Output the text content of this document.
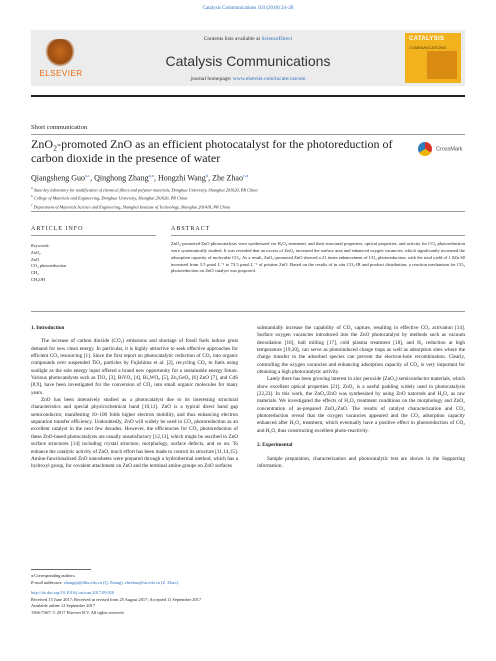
Catalysis Communications 103 (2018) 24–28
ELSEVIER
Contents lists available at ScienceDirect
Catalysis Communications
journal homepage: www.elsevier.com/locate/catcom
CATALYSIS
COMMUNICATIONS
Short communication
ZnO₂-promoted ZnO as an efficient photocatalyst for the photoreduction of carbon dioxide in the presence of water
CrossMark
Qiangsheng Guo$^{a,c}$, Qinghong Zhang$^{a,⁎}$, Hongzhi Wang$^b$, Zhe Zhao$^{c,⁎}$
$^a$ State key laboratory for modification of chemical fibers and polymer materials, Donghua University, Shanghai 201620, PR China
$^b$ College of Materials and Engineering, Donghua University, Shanghai 201620, PR China
$^c$ Department of Materials Science and Engineering, Shanghai Institute of Technology, Shanghai 201418, PR China
ARTICLE INFO	ABSTRACT
Keywords:
ZnO₂
ZnO
CO₂ photoreduction
CH₄
CH₃OH
ZnO₂-promoted ZnO photocatalysts were synthesized via H₂O₂ treatment, and their structural properties, optical properties, and activity for CO₂ photoreduction were systematically studied. It was revealed that an excess of ZnO₂ increased the surface area and enhanced oxygen vacancies, which significantly increased the adsorption capacity of molecular CO₂. As a result, ZnO₂-promoted ZnO showed a 21 times enhancement of CO₂ photoreduction, with the total yield of 1 0Zn 60 increased from 3.5 μmol L⁻¹ to 73.5 μmol L⁻¹ of pristine ZnO. Based on the results of in situ CO₂-IR and product distribution, a reaction mechanism for CO₂ photoreduction on ZnO catalyst was proposed.
1. Introduction

The increase of carbon dioxide (CO₂) emissions and shortage of fossil fuels induce great demand for new clean energy. In particular, it is highly attractive to seek effective approaches for efficient CO₂ resourcing [1]. Since the first report on photocatalytic reduction of CO₂ into organic compounds over suspended TiO₂ particles by Fujishima et al. [2], recycling CO₂ to fuels using sunlight as the sole energy input offered a brand new opportunity for a sustainable energy future. Various photocatalysts such as TiO₂ [3], BiVO₄ [4], Bi₂WO₆ [5], Zn₂GeO₄ [6] ZnO [7], and CdS [8,9], have been investigated for the conversion of CO₂ into small organic molecules for many years.

ZnO has been intensively studied as a photocatalyst due to its interesting structural characteristics and special physicochemical band [10,11]. ZnO is a typical direct band gap semiconductor, manifesting 10–100 folds higher electron mobility, and thus enhancing electron separation transfer efficiency. Undoubtedly, ZnO will widely be used in CO₂ photoreduction as an excellent catalyst in the next few decades. However, the efficiencies for CO₂ photoreduction of these ZnO-based photocatalysts are usually unsatisfactory [12,13], which might be ascribed to ZnO surface structures [14] including crystal structure, morphology, surface defects, and so on. To enhance the catalytic activity of ZnO, much effort has been made to control its structure [11,14,15]. Amine-functionalized ZnO nanosheets were prepared through a hydrothermal method, which has a hydroxyl group, for covalent attachment on ZnO and the terminal amine groups on ZnO surfaces

substantially increase the capability of CO₂ capture, resulting in effective CO₂ activation [14]. Surface oxygen vacancies introduced into the ZnO photocatalyst by methods such as vacuum deoxidation [16], ball milling [17], cold plasma treatment [18], and H₂ reduction at high temperature [19,20], can serve as photoinduced charge traps as well as adsorption sites where the charge transfer to the adsorbed species can prevent the electron-hole recombination. Clearly, controlling the oxygen vacancies and enhancing adsorption capacity of CO₂ is very important for obtaining a high photocatalytic activity.

Lately there has been growing interest in zinc peroxide (ZnO₂) semiconductor materials, which show excellent optical properties [21]. ZnO₂ is a useful padding widely used in photocatalysis [22,23]. In this work, the ZnO₂/ZnO was synthesized by using ZnO natorods and H₂O₂ as raw materials. We investigated the effects of H₂O₂ treatment conditions on the morphology and ZnO₂ concentration of as-prepared ZnO₂/ZnO. The results of catalyst characterization and CO₂ photoreduction reveal that the oxygen vacancies appeared and the CO₂ adsorption capacity enhanced after H₂O₂ treatment, which eventually have a positive effect in photoreduction of CO₂ and H₂O, thus constructing excellent photo-reactivity.

2. Experimental

Sample preparation, characterization and photocatalytic test are shown in the Supporting information.

⁎ Corresponding authors.
E-mail addresses: zhangqh@dhu.edu.cn (Q. Zhang), zhezhao@sit.edu.cn (Z. Zhao).
http://dx.doi.org/10.1016/j.catcom.2017.09.010
Received 15 June 2017; Received in revised form 25 August 2017; Accepted 11 September 2017
Available online 12 September 2017
1566-7367/ © 2017 Elsevier B.V. All rights reserved.
